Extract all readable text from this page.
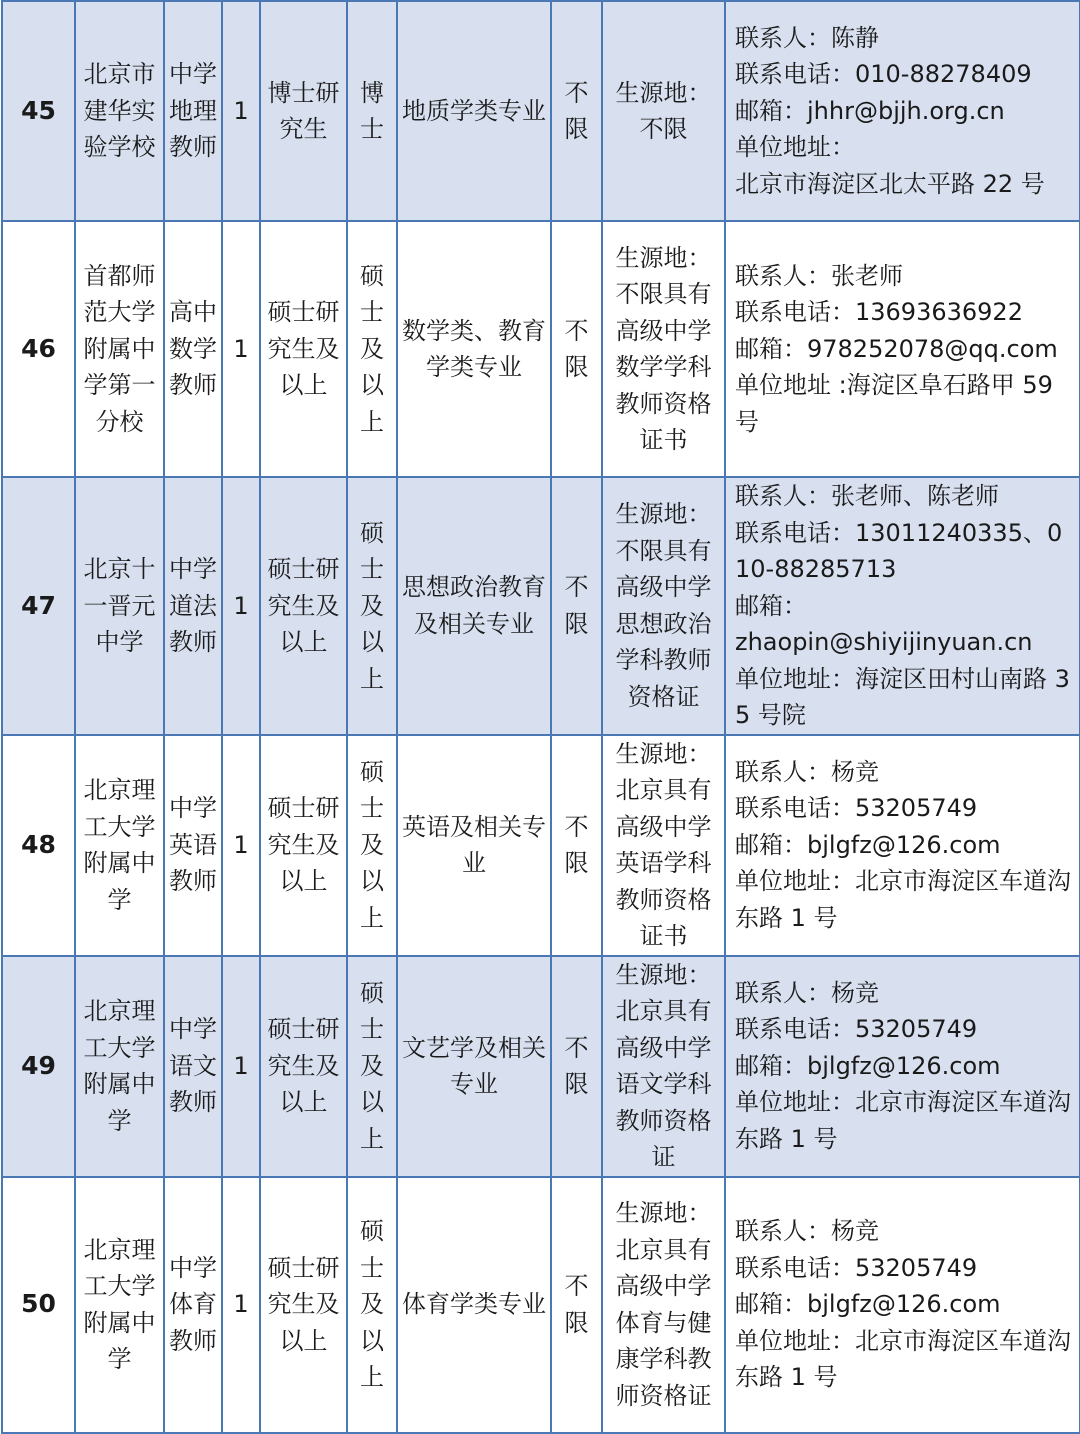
45	北京市建华实验学校	中学地理教师	1	博士研究生	博士	地质学类专业	不限	生源地：不限	联系人：陈静
联系电话：010-88278409
邮箱：jhhr@bjjh.org.cn
单位地址：
北京市海淀区北太平路 22 号

46	首都师范大学附属中学第一分校	高中数学教师	1	硕士研究生及以上	硕士及以上	数学类、教育学类专业	不限	生源地：不限具有高级中学数学学科教师资格证书	联系人：张老师
联系电话：13693636922
邮箱：978252078@qq.com
单位地址 :海淀区阜石路甲 59 号

47	北京十一晋元中学	中学道法教师	1	硕士研究生及以上	硕士及以上	思想政治教育及相关专业	不限	生源地：不限具有高级中学思想政治学科教师资格证	联系人：张老师、陈老师
联系电话：13011240335、010-88285713
邮箱：
zhaopin@shiyijinyuan.cn
单位地址：海淀区田村山南路 35 号院

48	北京理工大学附属中学	中学英语教师	1	硕士研究生及以上	硕士及以上	英语及相关专业	不限	生源地：北京具有高级中学英语学科教师资格证书	联系人：杨竞
联系电话：53205749
邮箱：bjlgfz@126.com
单位地址：北京市海淀区车道沟东路 1 号

49	北京理工大学附属中学	中学语文教师	1	硕士研究生及以上	硕士及以上	文艺学及相关专业	不限	生源地：北京具有高级中学语文学科教师资格证	联系人：杨竞
联系电话：53205749
邮箱：bjlgfz@126.com
单位地址：北京市海淀区车道沟东路 1 号

50	北京理工大学附属中学	中学体育教师	1	硕士研究生及以上	硕士及以上	体育学类专业	不限	生源地：北京具有高级中学体育与健康学科教师资格证	联系人：杨竞
联系电话：53205749
邮箱：bjlgfz@126.com
单位地址：北京市海淀区车道沟东路 1 号
